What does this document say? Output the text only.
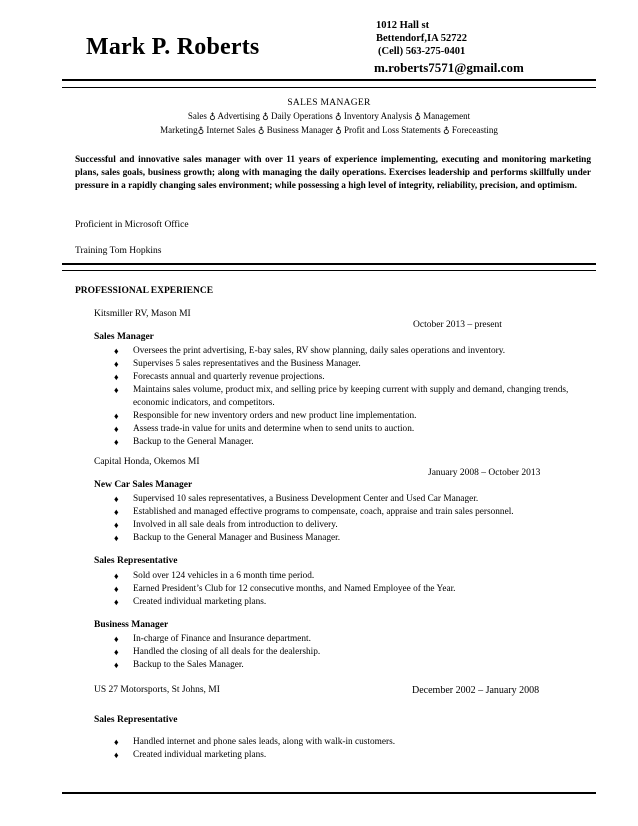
Mark P. Roberts
1012 Hall st
Bettendorf,IA 52722
(Cell) 563-275-0401
m.roberts7571@gmail.com
SALES MANAGER
Sales ♁ Advertising ♁ Daily Operations ♁ Inventory Analysis ♁ Management
Marketing♁ Internet Sales ♁ Business Manager ♁ Profit and Loss Statements ♁ Foreceasting
Successful and innovative sales manager with over 11 years of experience implementing, executing and monitoring marketing plans, sales goals, business growth; along with managing the daily operations. Exercises leadership and performs skillfully under pressure in a rapidly changing sales environment; while possessing a high level of integrity, reliability, precision, and optimism.
Proficient in Microsoft Office
Training Tom Hopkins
PROFESSIONAL EXPERIENCE
Kitsmiller RV, Mason MI
October 2013 – present
Sales Manager
♦ Oversees the print advertising, E-bay sales, RV show planning, daily sales operations and inventory.
♦ Supervises 5 sales representatives and the Business Manager.
♦ Forecasts annual and quarterly revenue projections.
♦ Maintains sales volume, product mix, and selling price by keeping current with supply and demand, changing trends, economic indicators, and competitors.
♦ Responsible for new inventory orders and new product line implementation.
♦ Assess trade-in value for units and determine when to send units to auction.
♦ Backup to the General Manager.
Capital Honda, Okemos MI
January 2008 – October 2013
New Car Sales Manager
♦ Supervised 10 sales representatives, a Business Development Center and Used Car Manager.
♦ Established and managed effective programs to compensate, coach, appraise and train sales personnel.
♦ Involved in all sale deals from introduction to delivery.
♦ Backup to the General Manager and Business Manager.
Sales Representative
♦ Sold over 124 vehicles in a 6 month time period.
♦ Earned President’s Club for 12 consecutive months, and Named Employee of the Year.
♦ Created individual marketing plans.
Business Manager
♦ In-charge of Finance and Insurance department.
♦ Handled the closing of all deals for the dealership.
♦ Backup to the Sales Manager.
US 27 Motorsports, St Johns, MI	December 2002 – January 2008
Sales Representative
♦ Handled internet and phone sales leads, along with walk-in customers.
♦ Created individual marketing plans.
